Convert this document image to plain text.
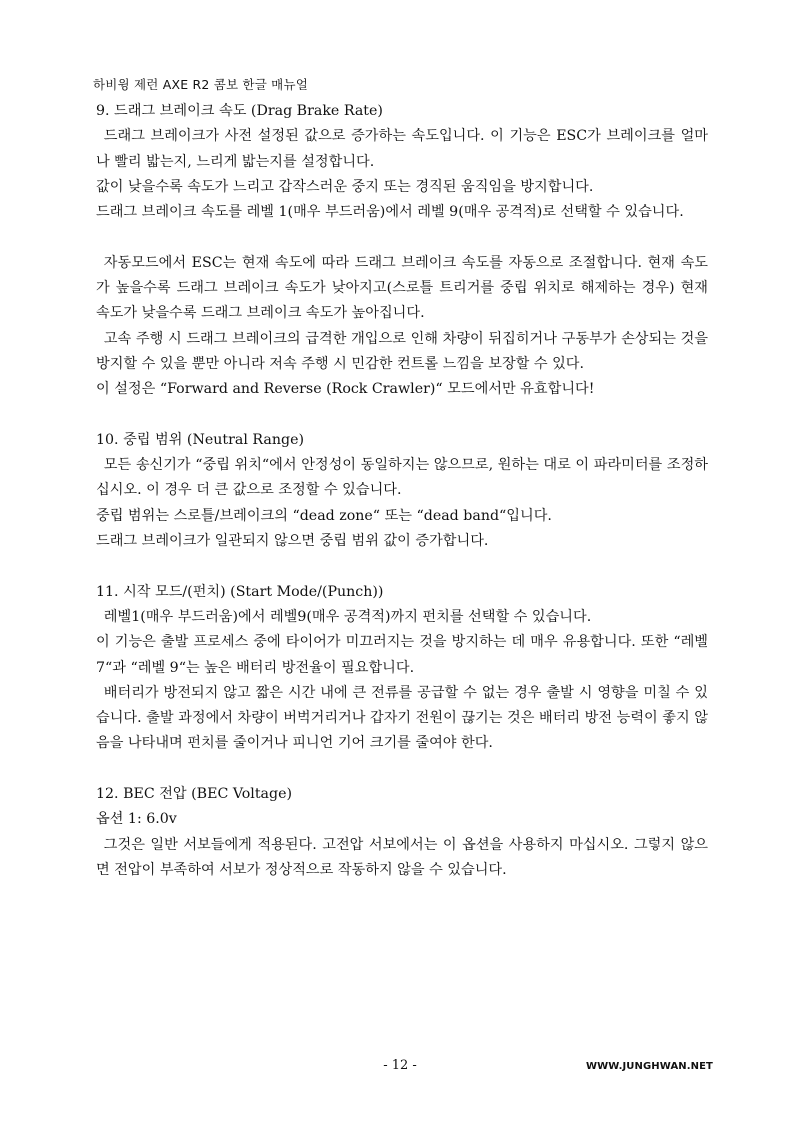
하비윙 제런 AXE R2 콤보 한글 매뉴얼

9. 드래그 브레이크 속도 (Drag Brake Rate)

드래그 브레이크가 사전 설정된 값으로 증가하는 속도입니다. 이 기능은 ESC가 브레이크를 얼마나 빨리 밟는지, 느리게 밟는지를 설정합니다.

값이 낮을수록 속도가 느리고 갑작스러운 중지 또는 경직된 움직임을 방지합니다.

드래그 브레이크 속도를 레벨 1(매우 부드러움)에서 레벨 9(매우 공격적)로 선택할 수 있습니다.

자동모드에서 ESC는 현재 속도에 따라 드래그 브레이크 속도를 자동으로 조절합니다. 현재 속도가 높을수록 드래그 브레이크 속도가 낮아지고(스로틀 트리거를 중립 위치로 해제하는 경우) 현재 속도가 낮을수록 드래그 브레이크 속도가 높아집니다.

고속 주행 시 드래그 브레이크의 급격한 개입으로 인해 차량이 뒤집히거나 구동부가 손상되는 것을 방지할 수 있을 뿐만 아니라 저속 주행 시 민감한 컨트롤 느낌을 보장할 수 있다.

이 설정은 “Forward and Reverse (Rock Crawler)“ 모드에서만 유효합니다!

10. 중립 범위 (Neutral Range)

모든 송신기가 “중립 위치“에서 안정성이 동일하지는 않으므로, 원하는 대로 이 파라미터를 조정하십시오. 이 경우 더 큰 값으로 조정할 수 있습니다.

중립 범위는 스로틀/브레이크의 “dead zone“ 또는 “dead band“입니다.

드래그 브레이크가 일관되지 않으면 중립 범위 값이 증가합니다.

11. 시작 모드/(펀치) (Start Mode/(Punch))

레벨1(매우 부드러움)에서 레벨9(매우 공격적)까지 펀치를 선택할 수 있습니다.

이 기능은 출발 프로세스 중에 타이어가 미끄러지는 것을 방지하는 데 매우 유용합니다. 또한 “레벨 7“과 “레벨 9“는 높은 배터리 방전율이 필요합니다.

배터리가 방전되지 않고 짧은 시간 내에 큰 전류를 공급할 수 없는 경우 출발 시 영향을 미칠 수 있습니다. 출발 과정에서 차량이 버벅거리거나 갑자기 전원이 끊기는 것은 배터리 방전 능력이 좋지 않음을 나타내며 펀치를 줄이거나 피니언 기어 크기를 줄여야 한다.

12. BEC 전압 (BEC Voltage)

옵션 1: 6.0v

그것은 일반 서보들에게 적용된다. 고전압 서보에서는 이 옵션을 사용하지 마십시오. 그렇지 않으면 전압이 부족하여 서보가 정상적으로 작동하지 않을 수 있습니다.

- 12 -	WWW.JUNGHWAN.NET
